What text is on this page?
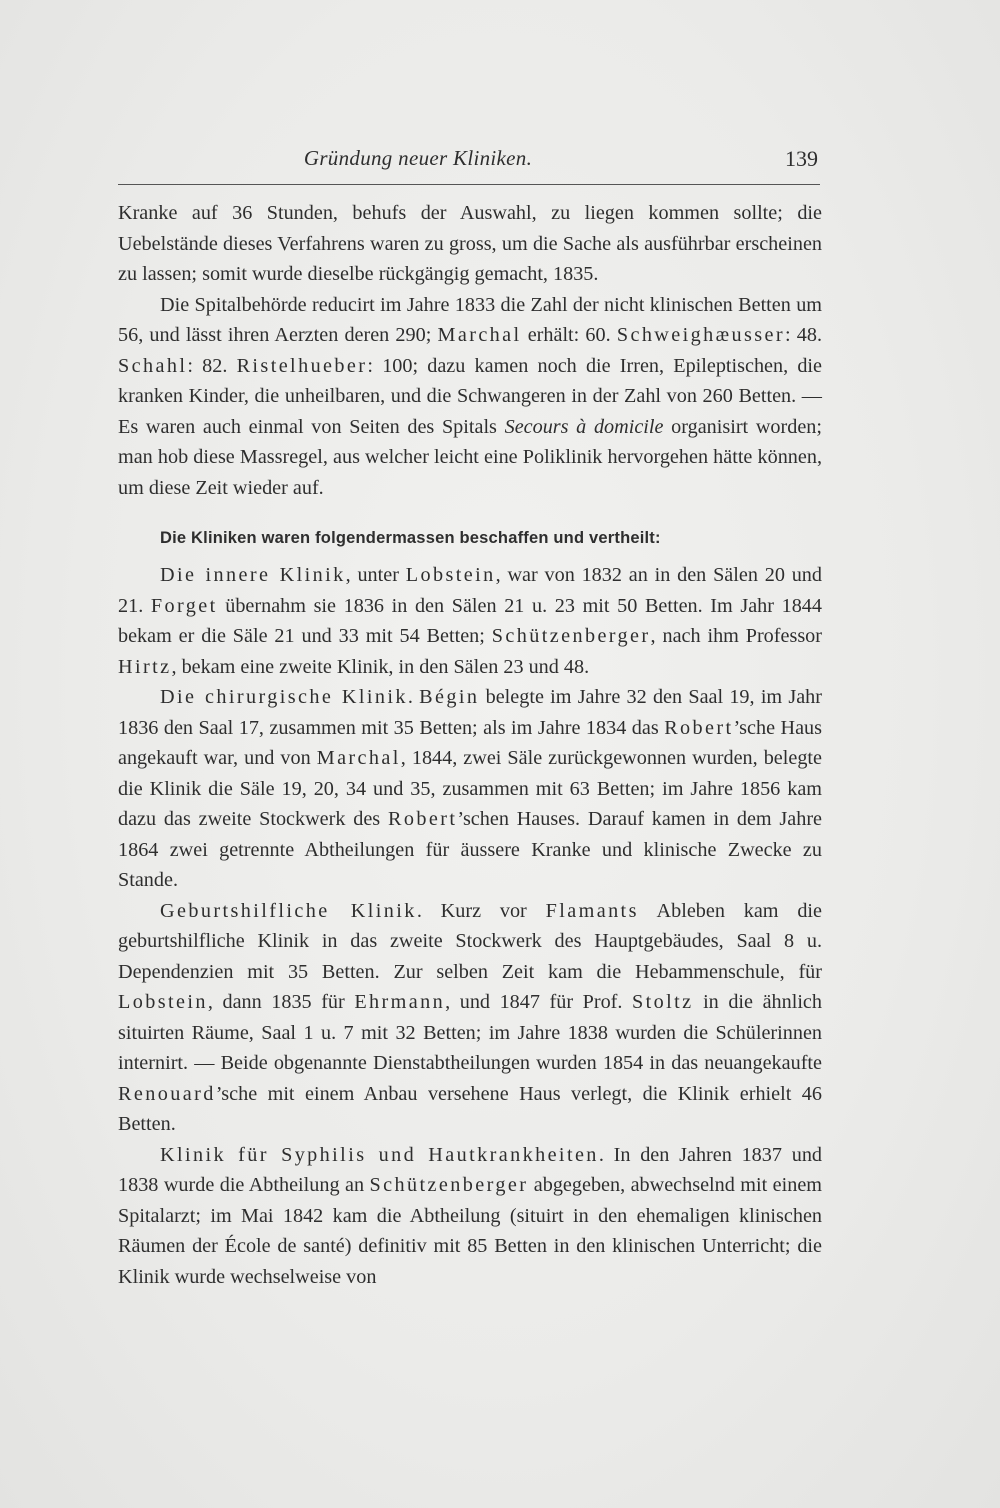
Gründung neuer Kliniken.	139

Kranke auf 36 Stunden, behufs der Auswahl, zu liegen kommen sollte; die Uebelstände dieses Verfahrens waren zu gross, um die Sache als ausführbar erscheinen zu lassen; somit wurde dieselbe rückgängig gemacht, 1835.

Die Spitalbehörde reducirt im Jahre 1833 die Zahl der nicht klinischen Betten um 56, und lässt ihren Aerzten deren 290; Marchal erhält: 60. Schweighæusser: 48. Schahl: 82. Ristelhueber: 100; dazu kamen noch die Irren, Epileptischen, die kranken Kinder, die unheilbaren, und die Schwangeren in der Zahl von 260 Betten. — Es waren auch einmal von Seiten des Spitals Secours à domicile organisirt worden; man hob diese Massregel, aus welcher leicht eine Poliklinik hervorgehen hätte können, um diese Zeit wieder auf.

Die Kliniken waren folgendermassen beschaffen und vertheilt:

Die innere Klinik, unter Lobstein, war von 1832 an in den Sälen 20 und 21. Forget übernahm sie 1836 in den Sälen 21 u. 23 mit 50 Betten. Im Jahr 1844 bekam er die Säle 21 und 33 mit 54 Betten; Schützenberger, nach ihm Professor Hirtz, bekam eine zweite Klinik, in den Sälen 23 und 48.

Die chirurgische Klinik. Bégin belegte im Jahre 32 den Saal 19, im Jahr 1836 den Saal 17, zusammen mit 35 Betten; als im Jahre 1834 das Robert’sche Haus angekauft war, und von Marchal, 1844, zwei Säle zurückgewonnen wurden, belegte die Klinik die Säle 19, 20, 34 und 35, zusammen mit 63 Betten; im Jahre 1856 kam dazu das zweite Stockwerk des Robert’schen Hauses. Darauf kamen in dem Jahre 1864 zwei getrennte Abtheilungen für äussere Kranke und klinische Zwecke zu Stande.

Geburtshilfliche Klinik. Kurz vor Flamants Ableben kam die geburtshilfliche Klinik in das zweite Stockwerk des Hauptgebäudes, Saal 8 u. Dependenzien mit 35 Betten. Zur selben Zeit kam die Hebammenschule, für Lobstein, dann 1835 für Ehrmann, und 1847 für Prof. Stoltz in die ähnlich situirten Räume, Saal 1 u. 7 mit 32 Betten; im Jahre 1838 wurden die Schülerinnen internirt. — Beide obgenannte Dienstabtheilungen wurden 1854 in das neuangekaufte Renouard’sche mit einem Anbau versehene Haus verlegt, die Klinik erhielt 46 Betten.

Klinik für Syphilis und Hautkrankheiten. In den Jahren 1837 und 1838 wurde die Abtheilung an Schützenberger abgegeben, abwechselnd mit einem Spitalarzt; im Mai 1842 kam die Abtheilung (situirt in den ehemaligen klinischen Räumen der École de santé) definitiv mit 85 Betten in den klinischen Unterricht; die Klinik wurde wechselweise von
